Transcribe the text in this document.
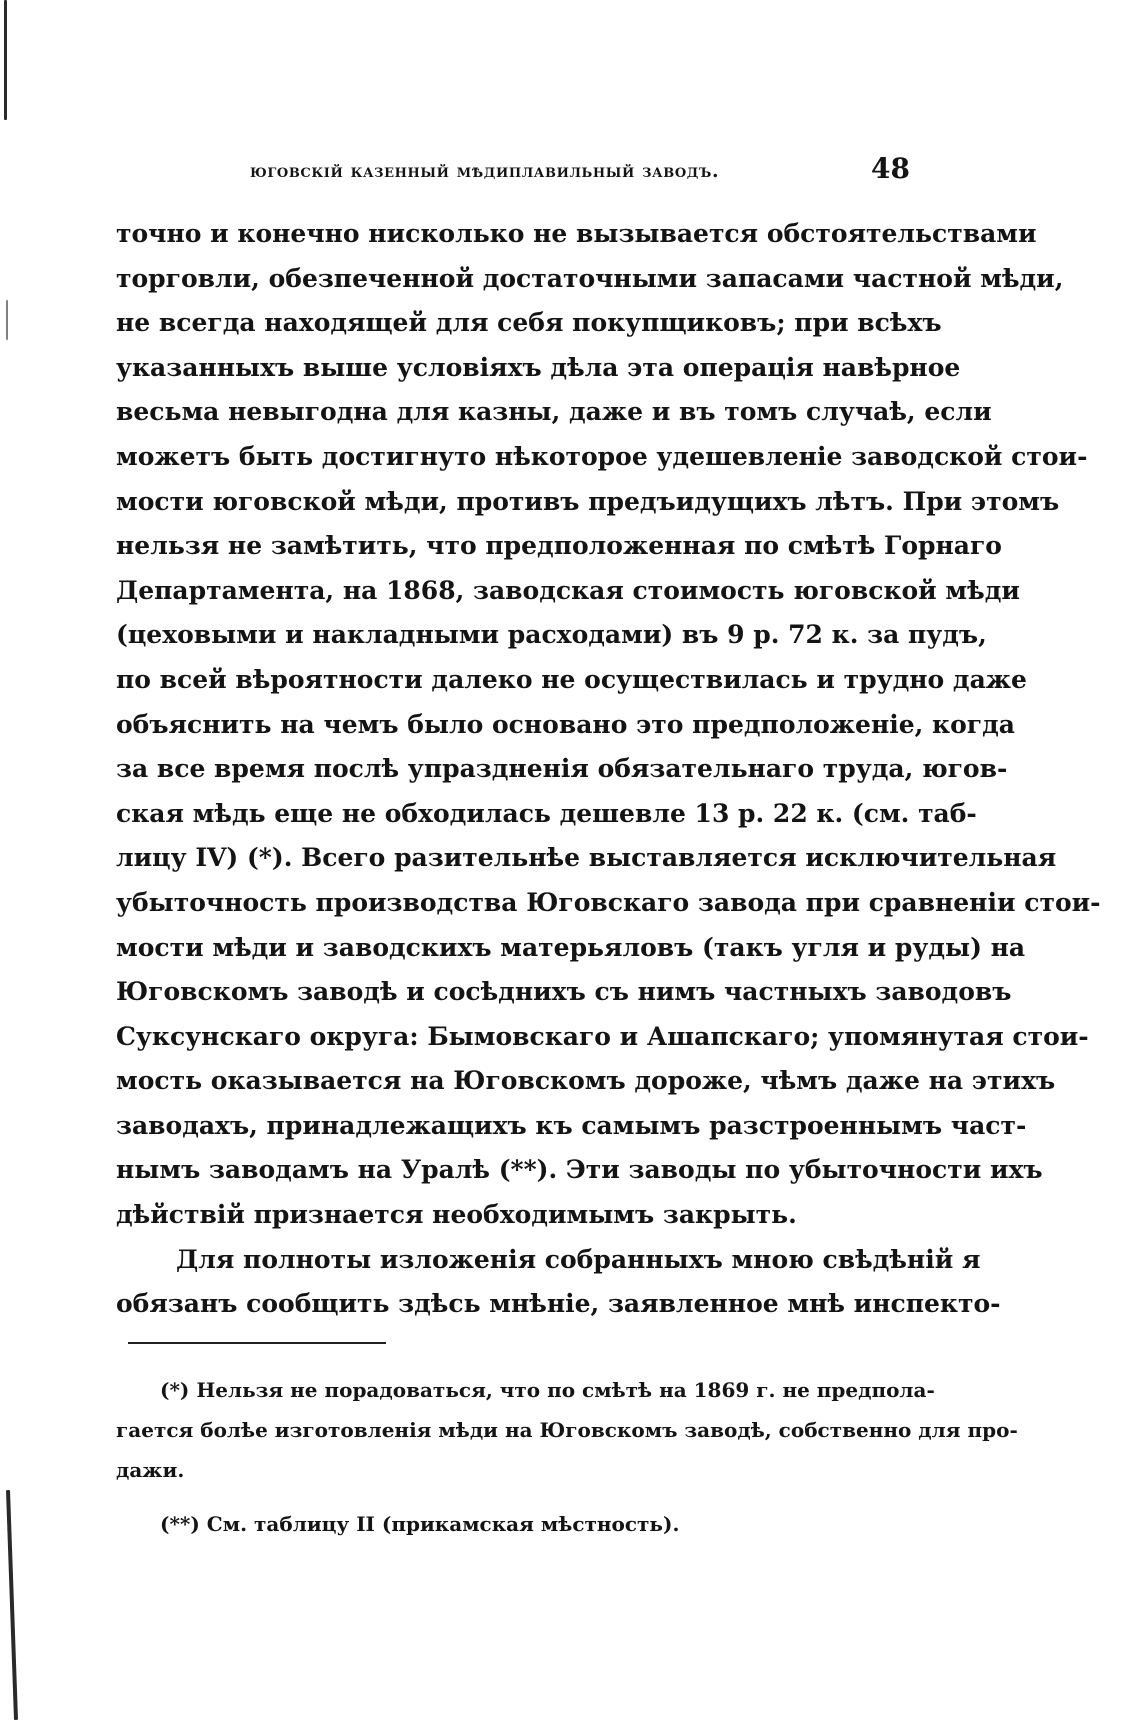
юговскій казенный мѣдиплавильный заводъ.	48
точно и конечно нисколько не вызывается обстоятельствами
торговли, обезпеченной достаточными запасами частной мѣди,
не всегда находящей для себя покупщиковъ; при всѣхъ
указанныхъ выше условіяхъ дѣла эта операція навѣрное
весьма невыгодна для казны, даже и въ томъ случаѣ, если
можетъ быть достигнуто нѣкоторое удешевленіе заводской стои-
мости юговской мѣди, противъ предъидущихъ лѣтъ. При этомъ
нельзя не замѣтить, что предположенная по смѣтѣ Горнаго
Департамента, на 1868, заводская стоимость юговской мѣди
(цеховыми и накладными расходами) въ 9 р. 72 к. за пудъ,
по всей вѣроятности далеко не осуществилась и трудно даже
объяснить на чемъ было основано это предположеніе, когда
за все время послѣ упраздненія обязательнаго труда, югов-
ская мѣдь еще не обходилась дешевле 13 р. 22 к. (см. таб-
лицу IV) (*). Всего разительнѣе выставляется исключительная
убыточность производства Юговскаго завода при сравненіи стои-
мости мѣди и заводскихъ матерьяловъ (такъ угля и руды) на
Юговскомъ заводѣ и сосѣднихъ съ нимъ частныхъ заводовъ
Суксунскаго округа: Бымовскаго и Ашапскаго; упомянутая стои-
мость оказывается на Юговскомъ дороже, чѣмъ даже на этихъ
заводахъ, принадлежащихъ къ самымъ разстроеннымъ част-
нымъ заводамъ на Уралѣ (**). Эти заводы по убыточности ихъ
дѣйствій признается необходимымъ закрыть.
Для полноты изложенія собранныхъ мною свѣдѣній я
обязанъ сообщить здѣсь мнѣніе, заявленное мнѣ инспекто-
(*) Нельзя не порадоваться, что по смѣтѣ на 1869 г. не предпола-
гается болѣе изготовленія мѣди на Юговскомъ заводѣ, собственно для про-
дажи.
(**) См. таблицу II (прикамская мѣстность).
